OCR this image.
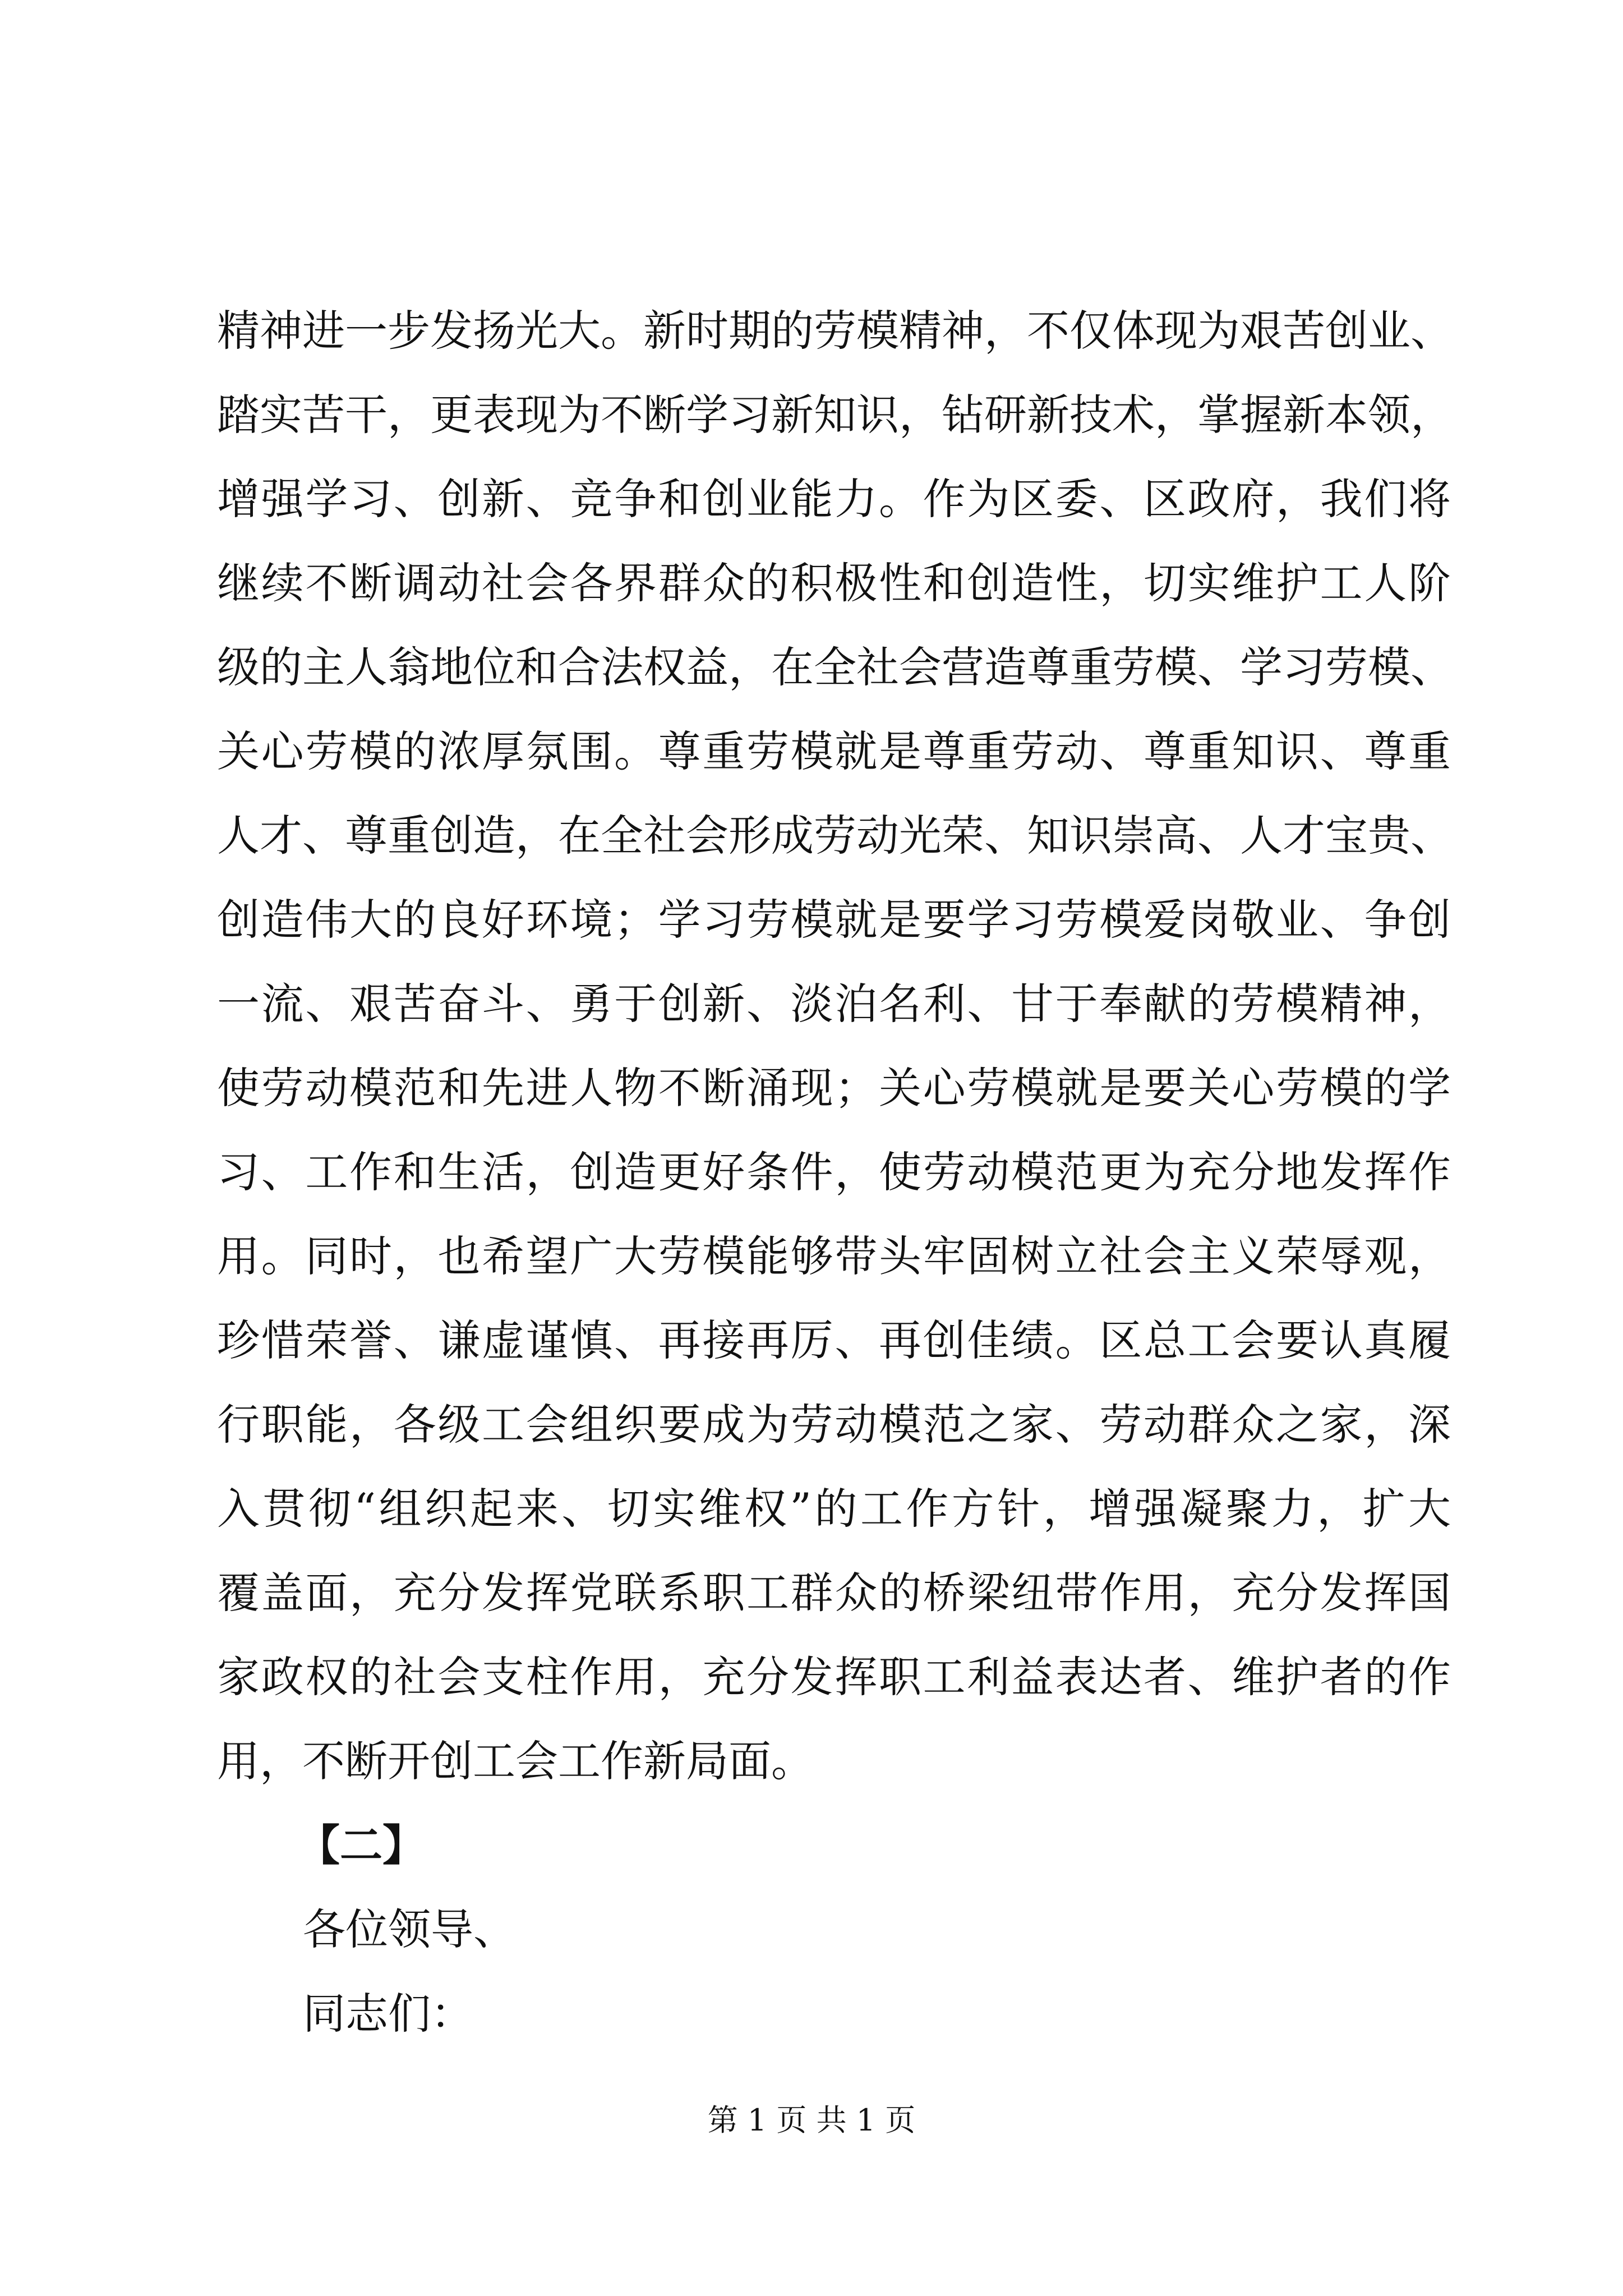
精神进一步发扬光大。新时期的劳模精神，不仅体现为艰苦创业、
踏实苦干，更表现为不断学习新知识，钻研新技术，掌握新本领，
增强学习、创新、竞争和创业能力。作为区委、区政府，我们将
继续不断调动社会各界群众的积极性和创造性，切实维护工人阶
级的主人翁地位和合法权益，在全社会营造尊重劳模、学习劳模、
关心劳模的浓厚氛围。尊重劳模就是尊重劳动、尊重知识、尊重
人才、尊重创造，在全社会形成劳动光荣、知识崇高、人才宝贵、
创造伟大的良好环境；学习劳模就是要学习劳模爱岗敬业、争创
一流、艰苦奋斗、勇于创新、淡泊名利、甘于奉献的劳模精神，
使劳动模范和先进人物不断涌现；关心劳模就是要关心劳模的学
习、工作和生活，创造更好条件，使劳动模范更为充分地发挥作
用。同时，也希望广大劳模能够带头牢固树立社会主义荣辱观，
珍惜荣誉、谦虚谨慎、再接再厉、再创佳绩。区总工会要认真履
行职能，各级工会组织要成为劳动模范之家、劳动群众之家，深
入贯彻“组织起来、切实维权”的工作方针，增强凝聚力，扩大
覆盖面，充分发挥党联系职工群众的桥梁纽带作用，充分发挥国
家政权的社会支柱作用，充分发挥职工利益表达者、维护者的作
用，不断开创工会工作新局面。
【二】
各位领导、
同志们：
第 1 页 共 1 页
